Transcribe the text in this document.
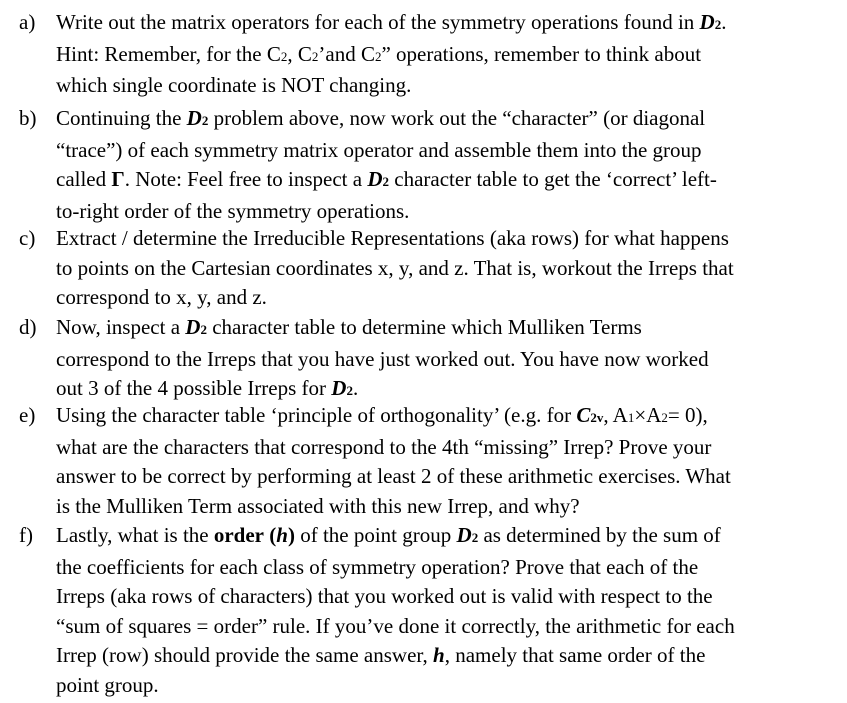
a) Write out the matrix operators for each of the symmetry operations found in D2.
Hint: Remember, for the C2, C2’and C2” operations, remember to think about
which single coordinate is NOT changing.
b) Continuing the D2 problem above, now work out the “character” (or diagonal
“trace”) of each symmetry matrix operator and assemble them into the group
called Γ. Note: Feel free to inspect a D2 character table to get the ‘correct’ left-
to-right order of the symmetry operations.
c) Extract / determine the Irreducible Representations (aka rows) for what happens
to points on the Cartesian coordinates x, y, and z. That is, workout the Irreps that
correspond to x, y, and z.
d) Now, inspect a D2 character table to determine which Mulliken Terms
correspond to the Irreps that you have just worked out. You have now worked
out 3 of the 4 possible Irreps for D2.
e) Using the character table ‘principle of orthogonality’ (e.g. for C2v, A1×A2= 0),
what are the characters that correspond to the 4th “missing” Irrep? Prove your
answer to be correct by performing at least 2 of these arithmetic exercises. What
is the Mulliken Term associated with this new Irrep, and why?
f) Lastly, what is the order (h) of the point group D2 as determined by the sum of
the coefficients for each class of symmetry operation? Prove that each of the
Irreps (aka rows of characters) that you worked out is valid with respect to the
“sum of squares = order” rule. If you’ve done it correctly, the arithmetic for each
Irrep (row) should provide the same answer, h, namely that same order of the
point group.
